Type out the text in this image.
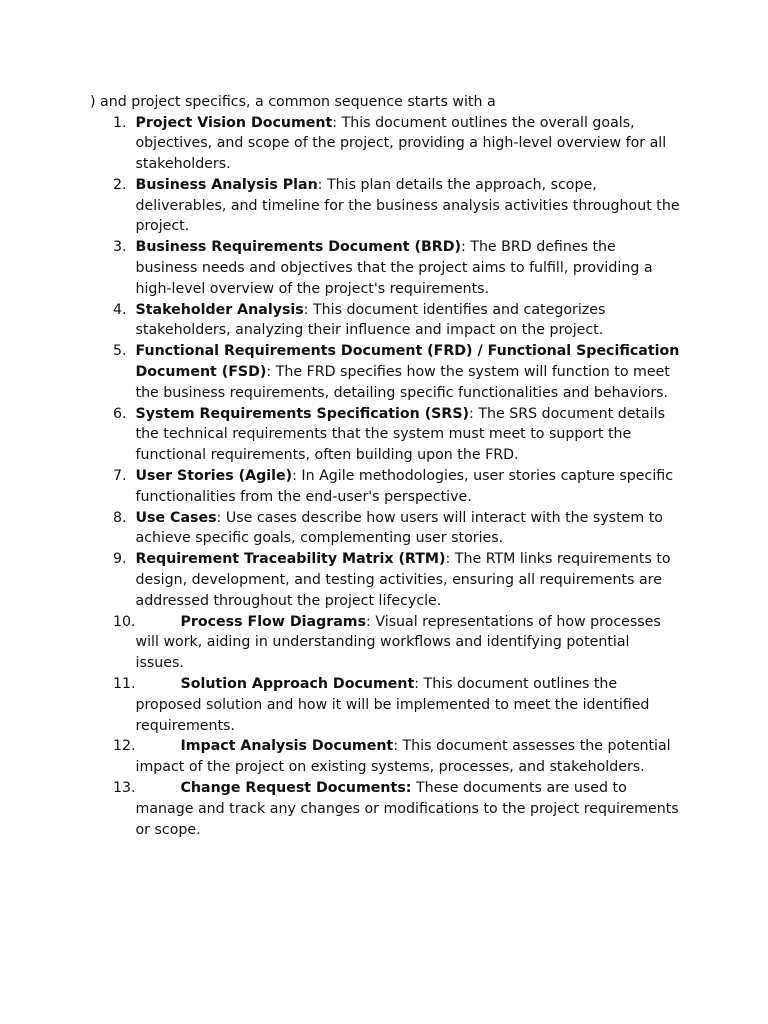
) and project specifics, a common sequence starts with a
1. Project Vision Document: This document outlines the overall goals, objectives, and scope of the project, providing a high-level overview for all stakeholders.
2. Business Analysis Plan: This plan details the approach, scope, deliverables, and timeline for the business analysis activities throughout the project.
3. Business Requirements Document (BRD): The BRD defines the business needs and objectives that the project aims to fulfill, providing a high-level overview of the project's requirements.
4. Stakeholder Analysis: This document identifies and categorizes stakeholders, analyzing their influence and impact on the project.
5. Functional Requirements Document (FRD) / Functional Specification Document (FSD): The FRD specifies how the system will function to meet the business requirements, detailing specific functionalities and behaviors.
6. System Requirements Specification (SRS): The SRS document details the technical requirements that the system must meet to support the functional requirements, often building upon the FRD.
7. User Stories (Agile): In Agile methodologies, user stories capture specific functionalities from the end-user's perspective.
8. Use Cases: Use cases describe how users will interact with the system to achieve specific goals, complementing user stories.
9. Requirement Traceability Matrix (RTM): The RTM links requirements to design, development, and testing activities, ensuring all requirements are addressed throughout the project lifecycle.
10.	Process Flow Diagrams: Visual representations of how processes will work, aiding in understanding workflows and identifying potential issues.
11.	Solution Approach Document: This document outlines the proposed solution and how it will be implemented to meet the identified requirements.
12.	Impact Analysis Document: This document assesses the potential impact of the project on existing systems, processes, and stakeholders.
13.	Change Request Documents: These documents are used to manage and track any changes or modifications to the project requirements or scope.
